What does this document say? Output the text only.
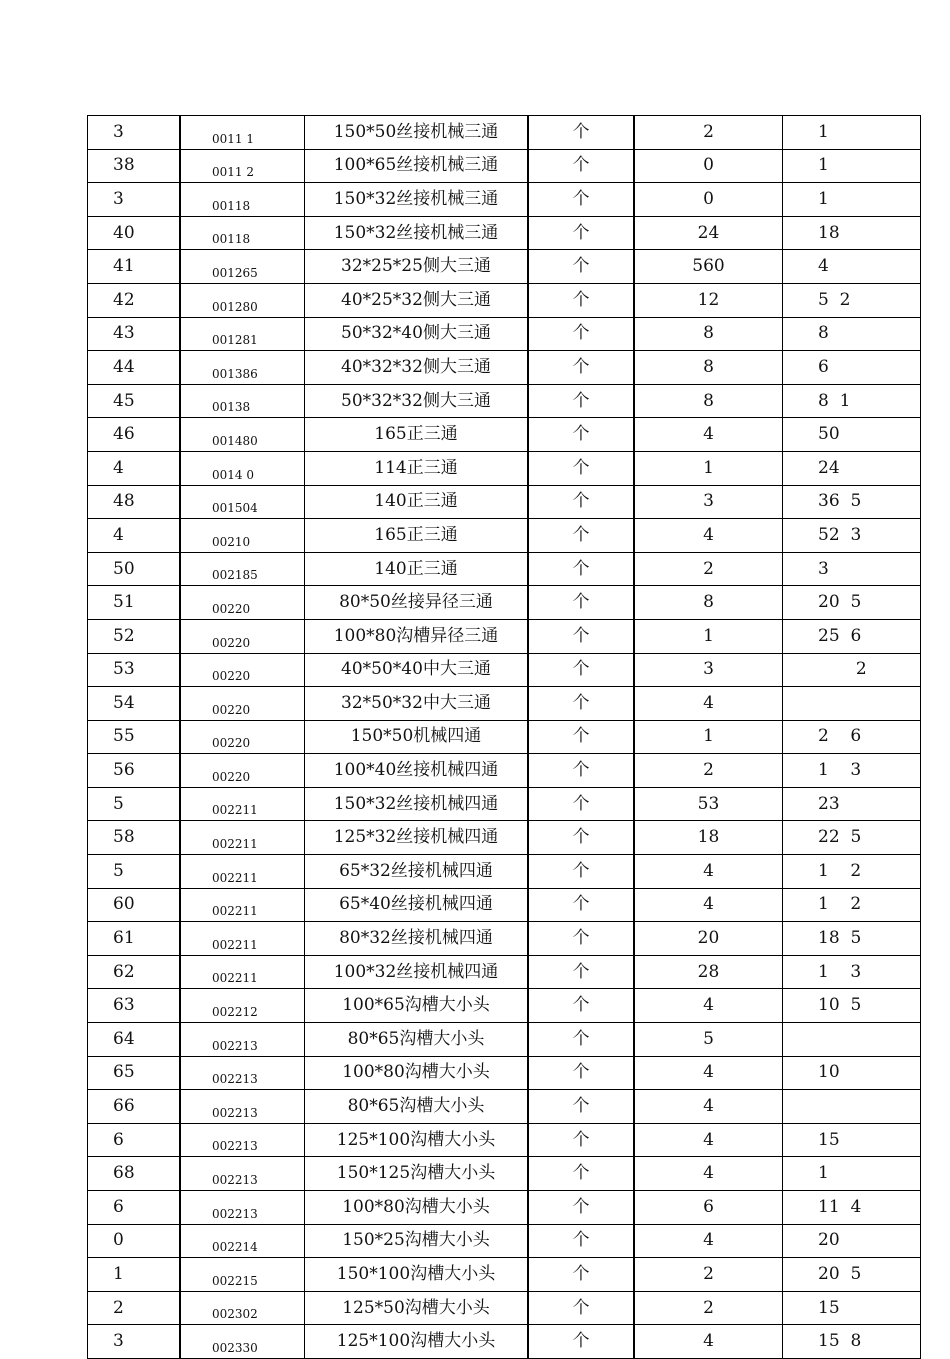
3	0011 1	150*50丝接机械三通	个	2	1
38	0011 2	100*65丝接机械三通	个	0	1
3	00118	150*32丝接机械三通	个	0	1
40	00118	150*32丝接机械三通	个	24	18
41	001265	32*25*25侧大三通	个	560	4
42	001280	40*25*32侧大三通	个	12	5  2
43	001281	50*32*40侧大三通	个	8	8
44	001386	40*32*32侧大三通	个	8	6
45	00138	50*32*32侧大三通	个	8	8  1
46	001480	165正三通	个	4	50
4	0014 0	114正三通	个	1	24
48	001504	140正三通	个	3	36  5
4	00210	165正三通	个	4	52  3
50	002185	140正三通	个	2	3
51	00220	80*50丝接异径三通	个	8	20  5
52	00220	100*80沟槽异径三通	个	1	25  6
53	00220	40*50*40中大三通	个	3	2
54	00220	32*50*32中大三通	个	4	
55	00220	150*50机械四通	个	1	2    6
56	00220	100*40丝接机械四通	个	2	1    3
5	002211	150*32丝接机械四通	个	53	23
58	002211	125*32丝接机械四通	个	18	22  5
5	002211	65*32丝接机械四通	个	4	1    2
60	002211	65*40丝接机械四通	个	4	1    2
61	002211	80*32丝接机械四通	个	20	18  5
62	002211	100*32丝接机械四通	个	28	1    3
63	002212	100*65沟槽大小头	个	4	10  5
64	002213	80*65沟槽大小头	个	5	
65	002213	100*80沟槽大小头	个	4	10
66	002213	80*65沟槽大小头	个	4	
6	002213	125*100沟槽大小头	个	4	15
68	002213	150*125沟槽大小头	个	4	1
6	002213	100*80沟槽大小头	个	6	11  4
0	002214	150*25沟槽大小头	个	4	20
1	002215	150*100沟槽大小头	个	2	20  5
2	002302	125*50沟槽大小头	个	2	15
3	002330	125*100沟槽大小头	个	4	15  8
